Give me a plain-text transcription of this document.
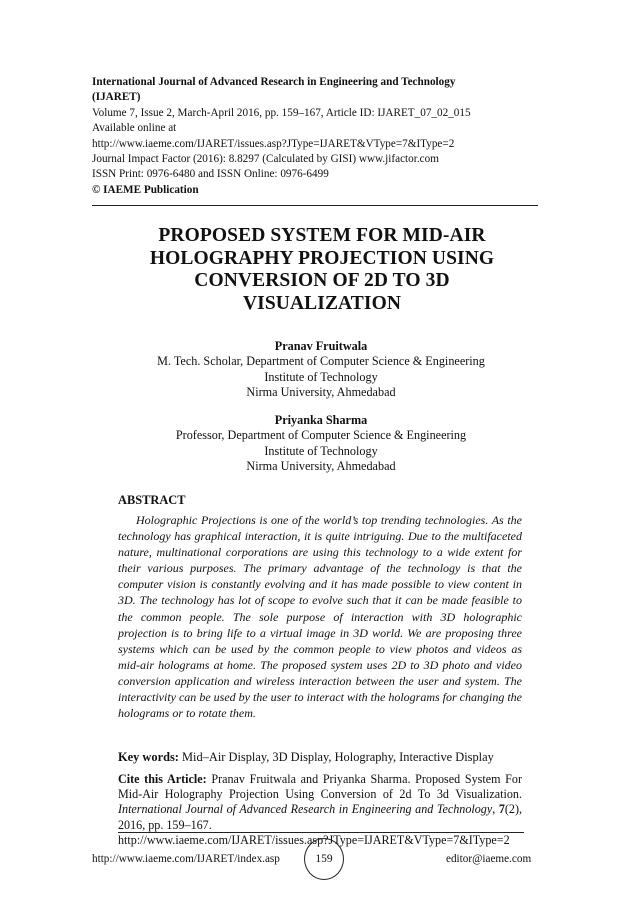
International Journal of Advanced Research in Engineering and Technology
(IJARET)
Volume 7, Issue 2, March-April 2016, pp. 159–167, Article ID: IJARET_07_02_015
Available online at
http://www.iaeme.com/IJARET/issues.asp?JType=IJARET&VType=7&IType=2
Journal Impact Factor (2016): 8.8297 (Calculated by GISI) www.jifactor.com
ISSN Print: 0976-6480 and ISSN Online: 0976-6499
© IAEME Publication
PROPOSED SYSTEM FOR MID-AIR
HOLOGRAPHY PROJECTION USING
CONVERSION OF 2D TO 3D
VISUALIZATION
Pranav Fruitwala
M. Tech. Scholar, Department of Computer Science & Engineering
Institute of Technology
Nirma University, Ahmedabad
Priyanka Sharma
Professor, Department of Computer Science & Engineering
Institute of Technology
Nirma University, Ahmedabad
ABSTRACT
Holographic Projections is one of the world’s top trending technologies. As the technology has graphical interaction, it is quite intriguing. Due to the multifaceted nature, multinational corporations are using this technology to a wide extent for their various purposes. The primary advantage of the technology is that the computer vision is constantly evolving and it has made possible to view content in 3D. The technology has lot of scope to evolve such that it can be made feasible to the common people. The sole purpose of interaction with 3D holographic projection is to bring life to a virtual image in 3D world. We are proposing three systems which can be used by the common people to view photos and videos as mid-air holograms at home. The proposed system uses 2D to 3D photo and video conversion application and wireless interaction between the user and system. The interactivity can be used by the user to interact with the holograms for changing the holograms or to rotate them.
Key words: Mid–Air Display, 3D Display, Holography, Interactive Display
Cite this Article: Pranav Fruitwala and Priyanka Sharma. Proposed System For Mid-Air Holography Projection Using Conversion of 2d To 3d Visualization. International Journal of Advanced Research in Engineering and Technology, 7(2), 2016, pp. 159–167.
http://www.iaeme.com/IJARET/issues.asp?JType=IJARET&VType=7&IType=2
http://www.iaeme.com/IJARET/index.asp	159	editor@iaeme.com
